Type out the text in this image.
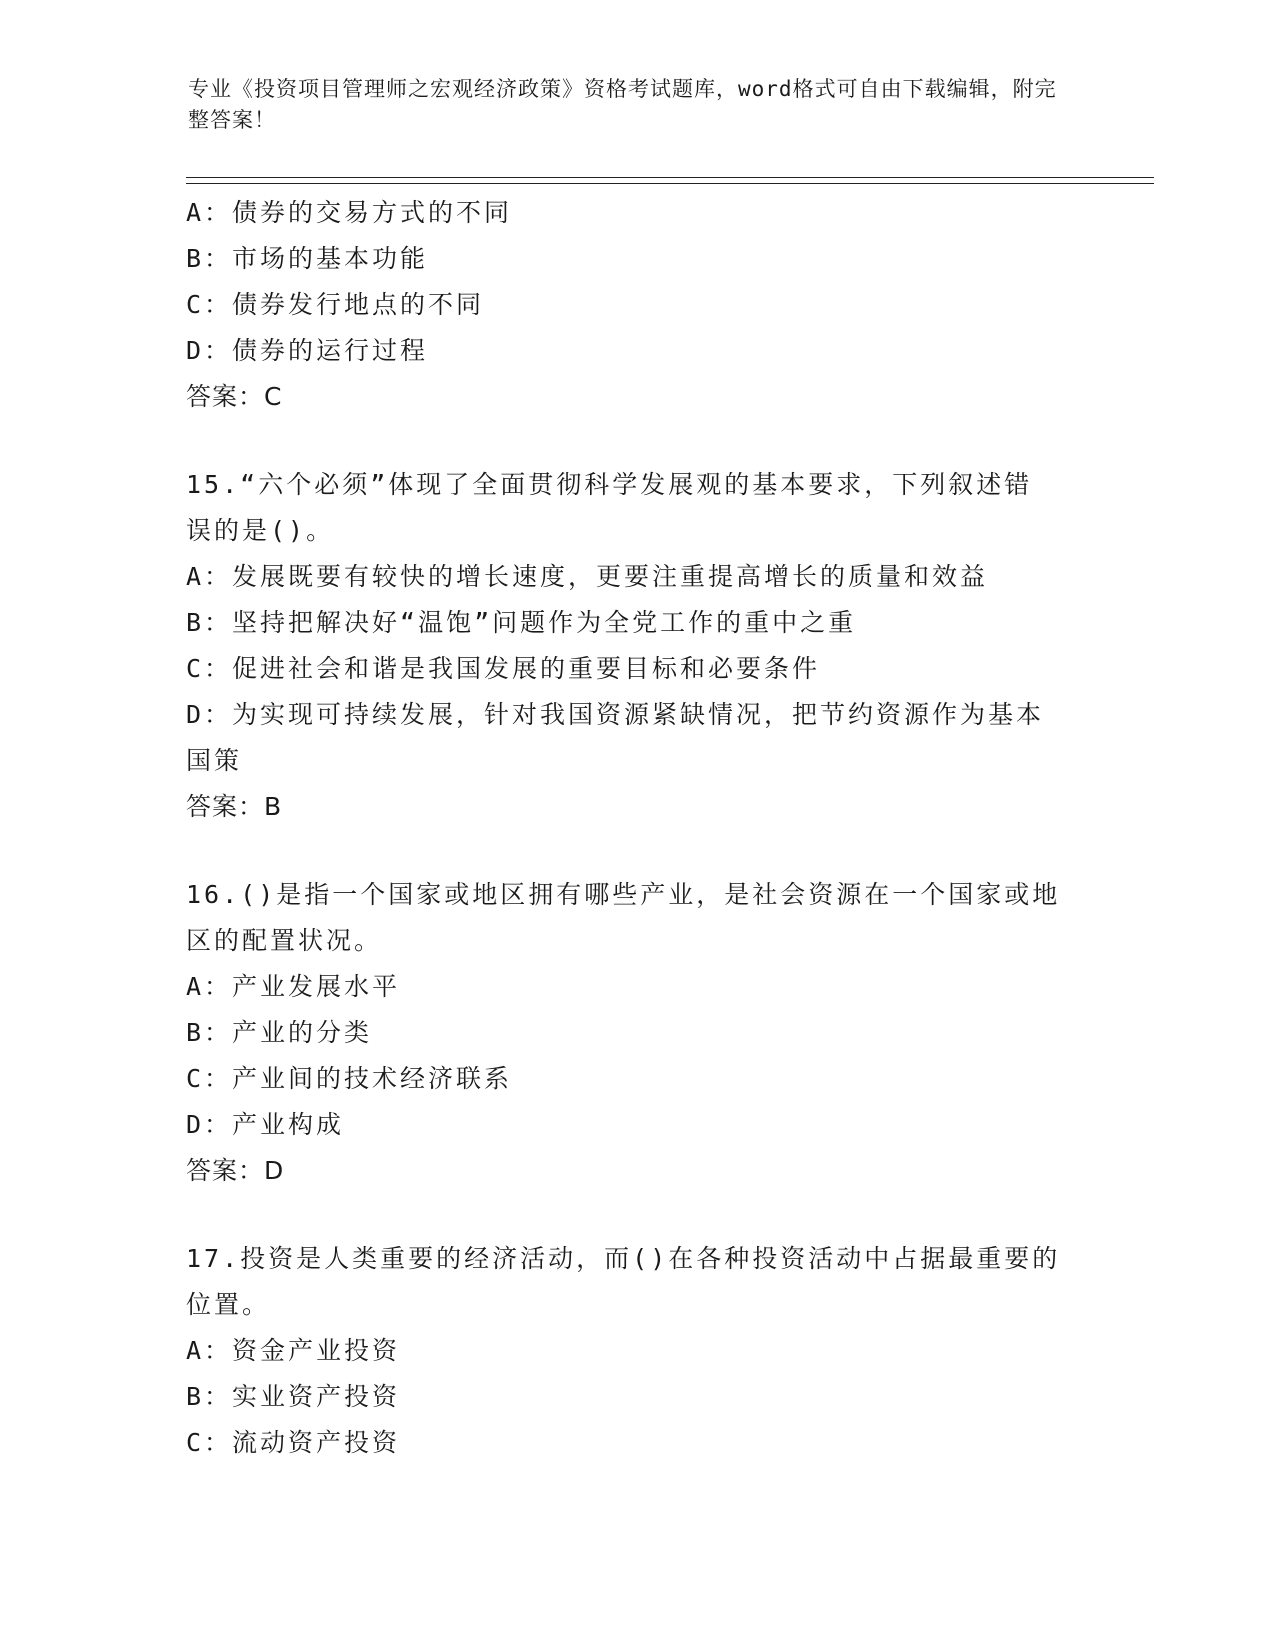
专业《投资项目管理师之宏观经济政策》资格考试题库，word格式可自由下载编辑，附完整答案！
A：债券的交易方式的不同
B：市场的基本功能
C：债券发行地点的不同
D：债券的运行过程
答案：C
15.“六个必须”体现了全面贯彻科学发展观的基本要求，下列叙述错
误的是()。
A：发展既要有较快的增长速度，更要注重提高增长的质量和效益
B：坚持把解决好“温饱”问题作为全党工作的重中之重
C：促进社会和谐是我国发展的重要目标和必要条件
D：为实现可持续发展，针对我国资源紧缺情况，把节约资源作为基本
国策
答案：B
16.()是指一个国家或地区拥有哪些产业，是社会资源在一个国家或地
区的配置状况。
A：产业发展水平
B：产业的分类
C：产业间的技术经济联系
D：产业构成
答案：D
17.投资是人类重要的经济活动，而()在各种投资活动中占据最重要的
位置。
A：资金产业投资
B：实业资产投资
C：流动资产投资
